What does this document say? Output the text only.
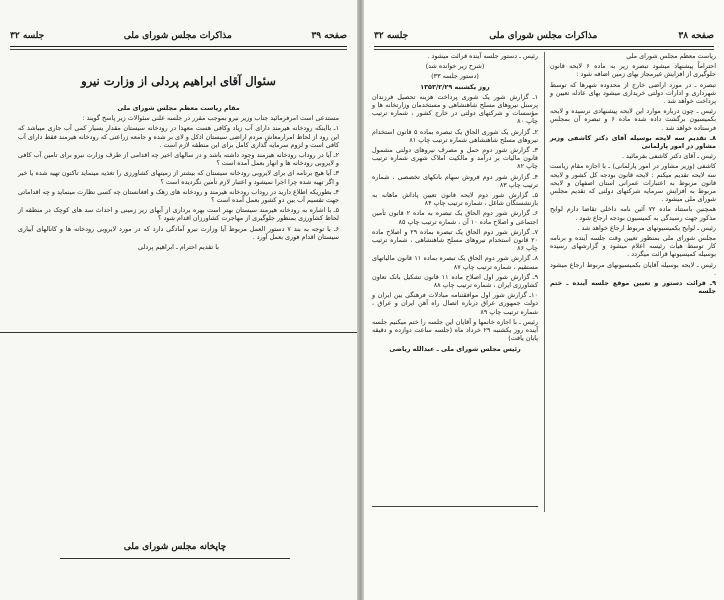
صفحه ۳۹
مذاکرات مجلس شورای ملی
جلسه ۳۲
سئوال آقای ابراهیم پردلی از وزارت نیرو

مقام ریاست معظم مجلس شورای ملی

مستدعی است امرفرمائید جناب وزیر نیرو بموجب مقرر در جلسه علنی سئوالات زیر پاسخ گویند :

۱ـ بااینکه رودخانه هیرمند دارای آب زیاد وکافی هست معهذا در رودخانه سیستان مقدار بسیار کمی آب جاری میباشد که این رود از لحاظ امرارمعاش مردم اراضی سیستان اذکل و لای بر شده و جامعه زراعتی که رودخانه هیرمند فقط دارای آب کافی است و لزوم سرمایه گذاری کامل برای این منطقه لازم است .

۲ـ آیا در روداب رودخانه هیرمند وجود داشته باشد و در سالهای اخیر چه اقدامی از طرف وزارت نیرو برای تامین آب کافی و لایروبی رودخانه ها و انهار بعمل آمده است ؟

۳ـ آیا هیچ برنامه ای برای لایروبی رودخانه سیستان که بیشتر از زمینهای کشاورزی را تغذیه مینماید تاکنون تهیه شده یا خیر و اگر تهیه شده چرا اجرا نمیشود و اعتبار لازم تأمین نگردیده است ؟

۴ـ بطوریکه اطلاع دارید در روداب رودخانه هیرمند و رودخانه های زهک و افغانستان چه کسی نظارت مینماید و چه اقداماتی جهت تقسیم آب بین دو کشور بعمل آمده است ؟

۵ـ با اشاره به رودخانه هیرمند سیستان بهتر است بهره برداری از آبهای زیر زمینی و احداث سد های کوچک در منطقه از لحاظ کشاورزی بمنظور جلوگیری از مهاجرت کشاورزان اقدام شود ؟

۶ـ با توجه به بند ۷ دستور العمل مربوط آیا وزارت نیرو آمادگی دارد که در مورد لایروبی رودخانه ها و کانالهای آبیاری سیستان اقدام فوری بعمل آورد .

با تقدیم احترام ـ ابراهیم پردلی

چاپخانه مجلس شورای ملی
صفحه ۳۸
مذاکرات مجلس شورای ملی
جلسه ۳۲

ریاست معظم مجلس شورای ملی

احتراماً پیشنهاد میشود تبصره زیر به ماده ۶ لایحه قانون جلوگیری از افزایش غیرمجاز بهای زمین اضافه شود :

تبصره ـ در مورد اراضی خارج از محدوده شهرها که توسط شهرداری و ادارات دولتی خریداری میشود بهای عادله تعیین و پرداخت خواهد شد .

رئیس ـ چون درباره موارد این لایحه پیشنهادی نرسیده و لایحه بکمیسیون برگشت داده شده ماده ۶ و تبصره آن بمجلس فرستاده خواهد شد .

۸ـ تقدیم سه لایحه بوسیله آقای دکتر کاشفی وزیر مشاور در امور پارلمانی

رئیس ـ آقای دکتر کاشفی بفرمائید .

کاشفی (وزیر مشاور در امور پارلمانی) ـ با اجازه مقام ریاست سه لایحه تقدیم میکنم : لایحه قانون بودجه کل کشور و لایحه قانون مربوط به اعتبارات عمرانی استان اصفهان و لایحه مربوط به افزایش سرمایه شرکتهای دولتی که تقدیم مجلس شورای ملی میشود .

همچنین باستناد ماده ۷۲ آئین نامه داخلی تقاضا دارم لوایح مذکور جهت رسیدگی به کمیسیون بودجه ارجاع شود .

رئیس ـ لوایح بکمیسیونهای مربوط ارجاع خواهد شد .

مجلس شورای ملی بمنظور تعیین وقت جلسه آینده و برنامه کار توسط هیأت رئیسه اعلام میشود و گزارشهای رسیده بوسیله کمیسیونها قرائت میگردد .

رئیس ـ لایحه بوسیله آقایان بکمیسیونهای مربوط ارجاع میشود .

۹ـ قرائت دستور و تعیین موقع جلسه آینده ـ ختم جلسه

رئیس ـ دستور جلسه آینده قرائت میشود .

(شرح زیر خوانده شد)

(دستور جلسه ۳۳)

روز یکشنبه ۱۳۵۳/۲/۲۹

۱ـ گزارش شور یک شوری پرداخت هزینه تحصیل فرزندان پرسنل نیروهای مسلح شاهنشاهی و مستخدمان وزارتخانه ها و مؤسسات و شرکتهای دولتی در خارج کشور ، شماره ترتیب چاپ ۸۰

۲ـ گزارش یک شوری الحاق یک تبصره بماده ۵ قانون استخدام نیروهای مسلح شاهنشاهی شماره ترتیب چاپ ۸۱

۳ـ گزارش شور دوم حمل و مصرف نیروهای دولتی مشمول قانون مالیات بر درآمد و مالکیت املاک شهری شماره ترتیب چاپ ۸۲

۴ـ گزارش شور دوم فروش سهام بانکهای تخصصی ، شماره ترتیب چاپ ۸۳

۵ـ گزارش شور دوم لایحه قانون تعیین پاداش ماهانه به بازنشستگان شاغل ، شماره ترتیب چاپ ۸۴

۶ـ گزارش شور دوم الحاق یک تبصره به ماده ۲ قانون تأمین اجتماعی و اصلاح ماده ۱۰ آن ، شماره ترتیب چاپ ۸۵

۷ـ گزارش شور دوم الحاق یک تبصره بماده ۲۹ و اصلاح ماده ۲۰ قانون استخدام نیروهای مسلح شاهنشاهی ، شماره ترتیب چاپ ۸۶

۸ـ گزارش شور دوم الحاق یک تبصره بماده ۱۱ قانون مالیاتهای مستقیم ، شماره ترتیب چاپ ۸۷

۹ـ گزارش شور اول اصلاح ماده ۱۱ قانون تشکیل بانک تعاون کشاورزی ایران ، شماره ترتیب چاپ ۸۸

۱۰ـ گزارش شور اول موافقتنامه مبادلات فرهنگی بین ایران و دولت جمهوری عراق درباره اتصال راه آهن ایران و عراق ، شماره ترتیب چاپ ۸۹

رئیس ـ با اجازه خانمها و آقایان این جلسه را ختم میکنیم جلسه آینده روز یکشنبه ۲۹ خرداد ماه (جلسه ساعت دوازده و دقیقه پایان یافت)

رئیس مجلس شورای ملی ـ عبدالله ریاضی
